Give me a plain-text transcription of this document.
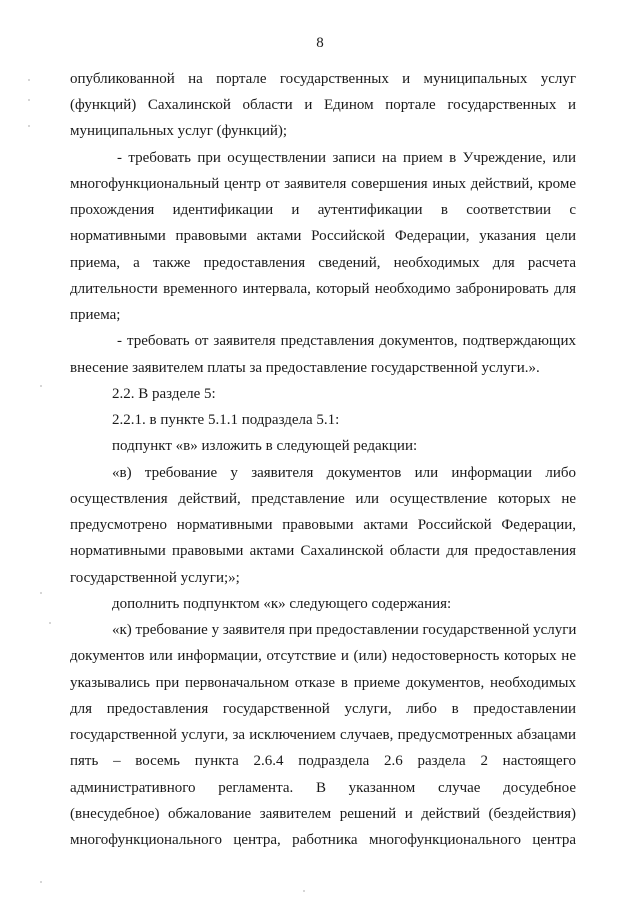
8
опубликованной на портале государственных и муниципальных услуг
(функций) Сахалинской области и Едином портале государственных и
муниципальных услуг (функций);
- требовать при осуществлении записи на прием в Учреждение, или
многофункциональный центр от заявителя совершения иных действий, кроме
прохождения идентификации и аутентификации в соответствии с
нормативными правовыми актами Российской Федерации, указания цели
приема, а также предоставления сведений, необходимых для расчета
длительности временного интервала, который необходимо забронировать для
приема;
- требовать от заявителя представления документов, подтверждающих
внесение заявителем платы за предоставление государственной услуги.».
2.2. В разделе 5:
2.2.1. в пункте 5.1.1 подраздела 5.1:
подпункт «в» изложить в следующей редакции:
«в) требование у заявителя документов или информации либо
осуществления действий, представление или осуществление которых не
предусмотрено нормативными правовыми актами Российской Федерации,
нормативными правовыми актами Сахалинской области для предоставления
государственной услуги;»;
дополнить подпунктом «к» следующего содержания:
«к) требование у заявителя при предоставлении государственной услуги
документов или информации, отсутствие и (или) недостоверность которых не
указывались при первоначальном отказе в приеме документов, необходимых
для предоставления государственной услуги, либо в предоставлении
государственной услуги, за исключением случаев, предусмотренных абзацами
пять – восемь пункта 2.6.4 подраздела 2.6 раздела 2 настоящего
административного регламента. В указанном случае досудебное
(внесудебное) обжалование заявителем решений и действий (бездействия)
многофункционального центра, работника многофункционального центра
